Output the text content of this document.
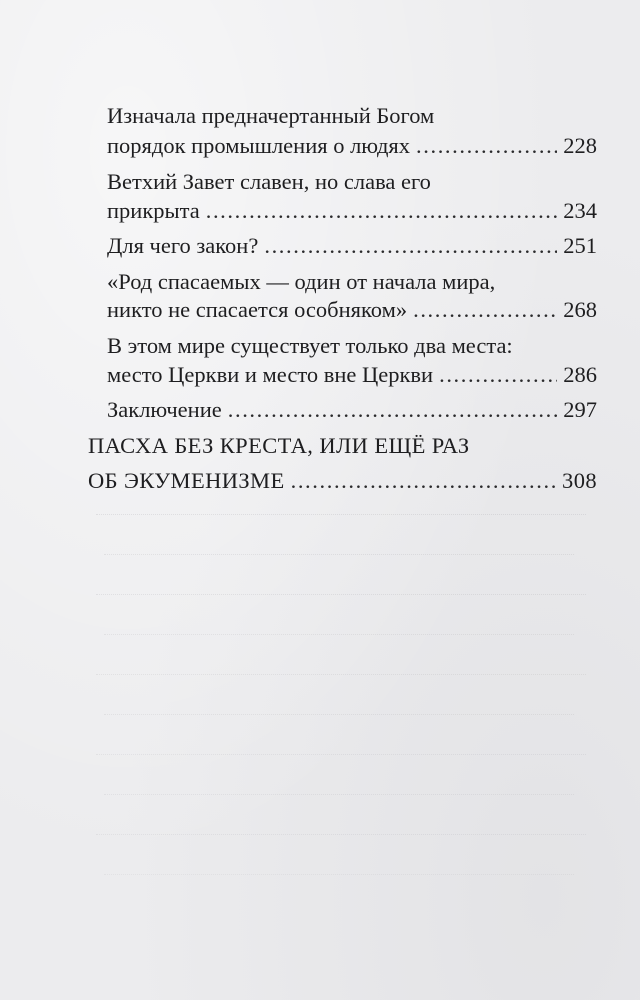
Изначала предначертанный Богом
порядок промышления о людях .....	228
Ветхий Завет славен, но слава его
прикрыта .....	234
Для чего закон? .....	251
«Род спасаемых — один от начала мира,
никто не спасается особняком» .....	268
В этом мире существует только два места:
место Церкви и место вне Церкви .....	286
Заключение .....	297
ПАСХА БЕЗ КРЕСТА, ИЛИ ЕЩЁ РАЗ
ОБ ЭКУМЕНИЗМЕ .....	308
